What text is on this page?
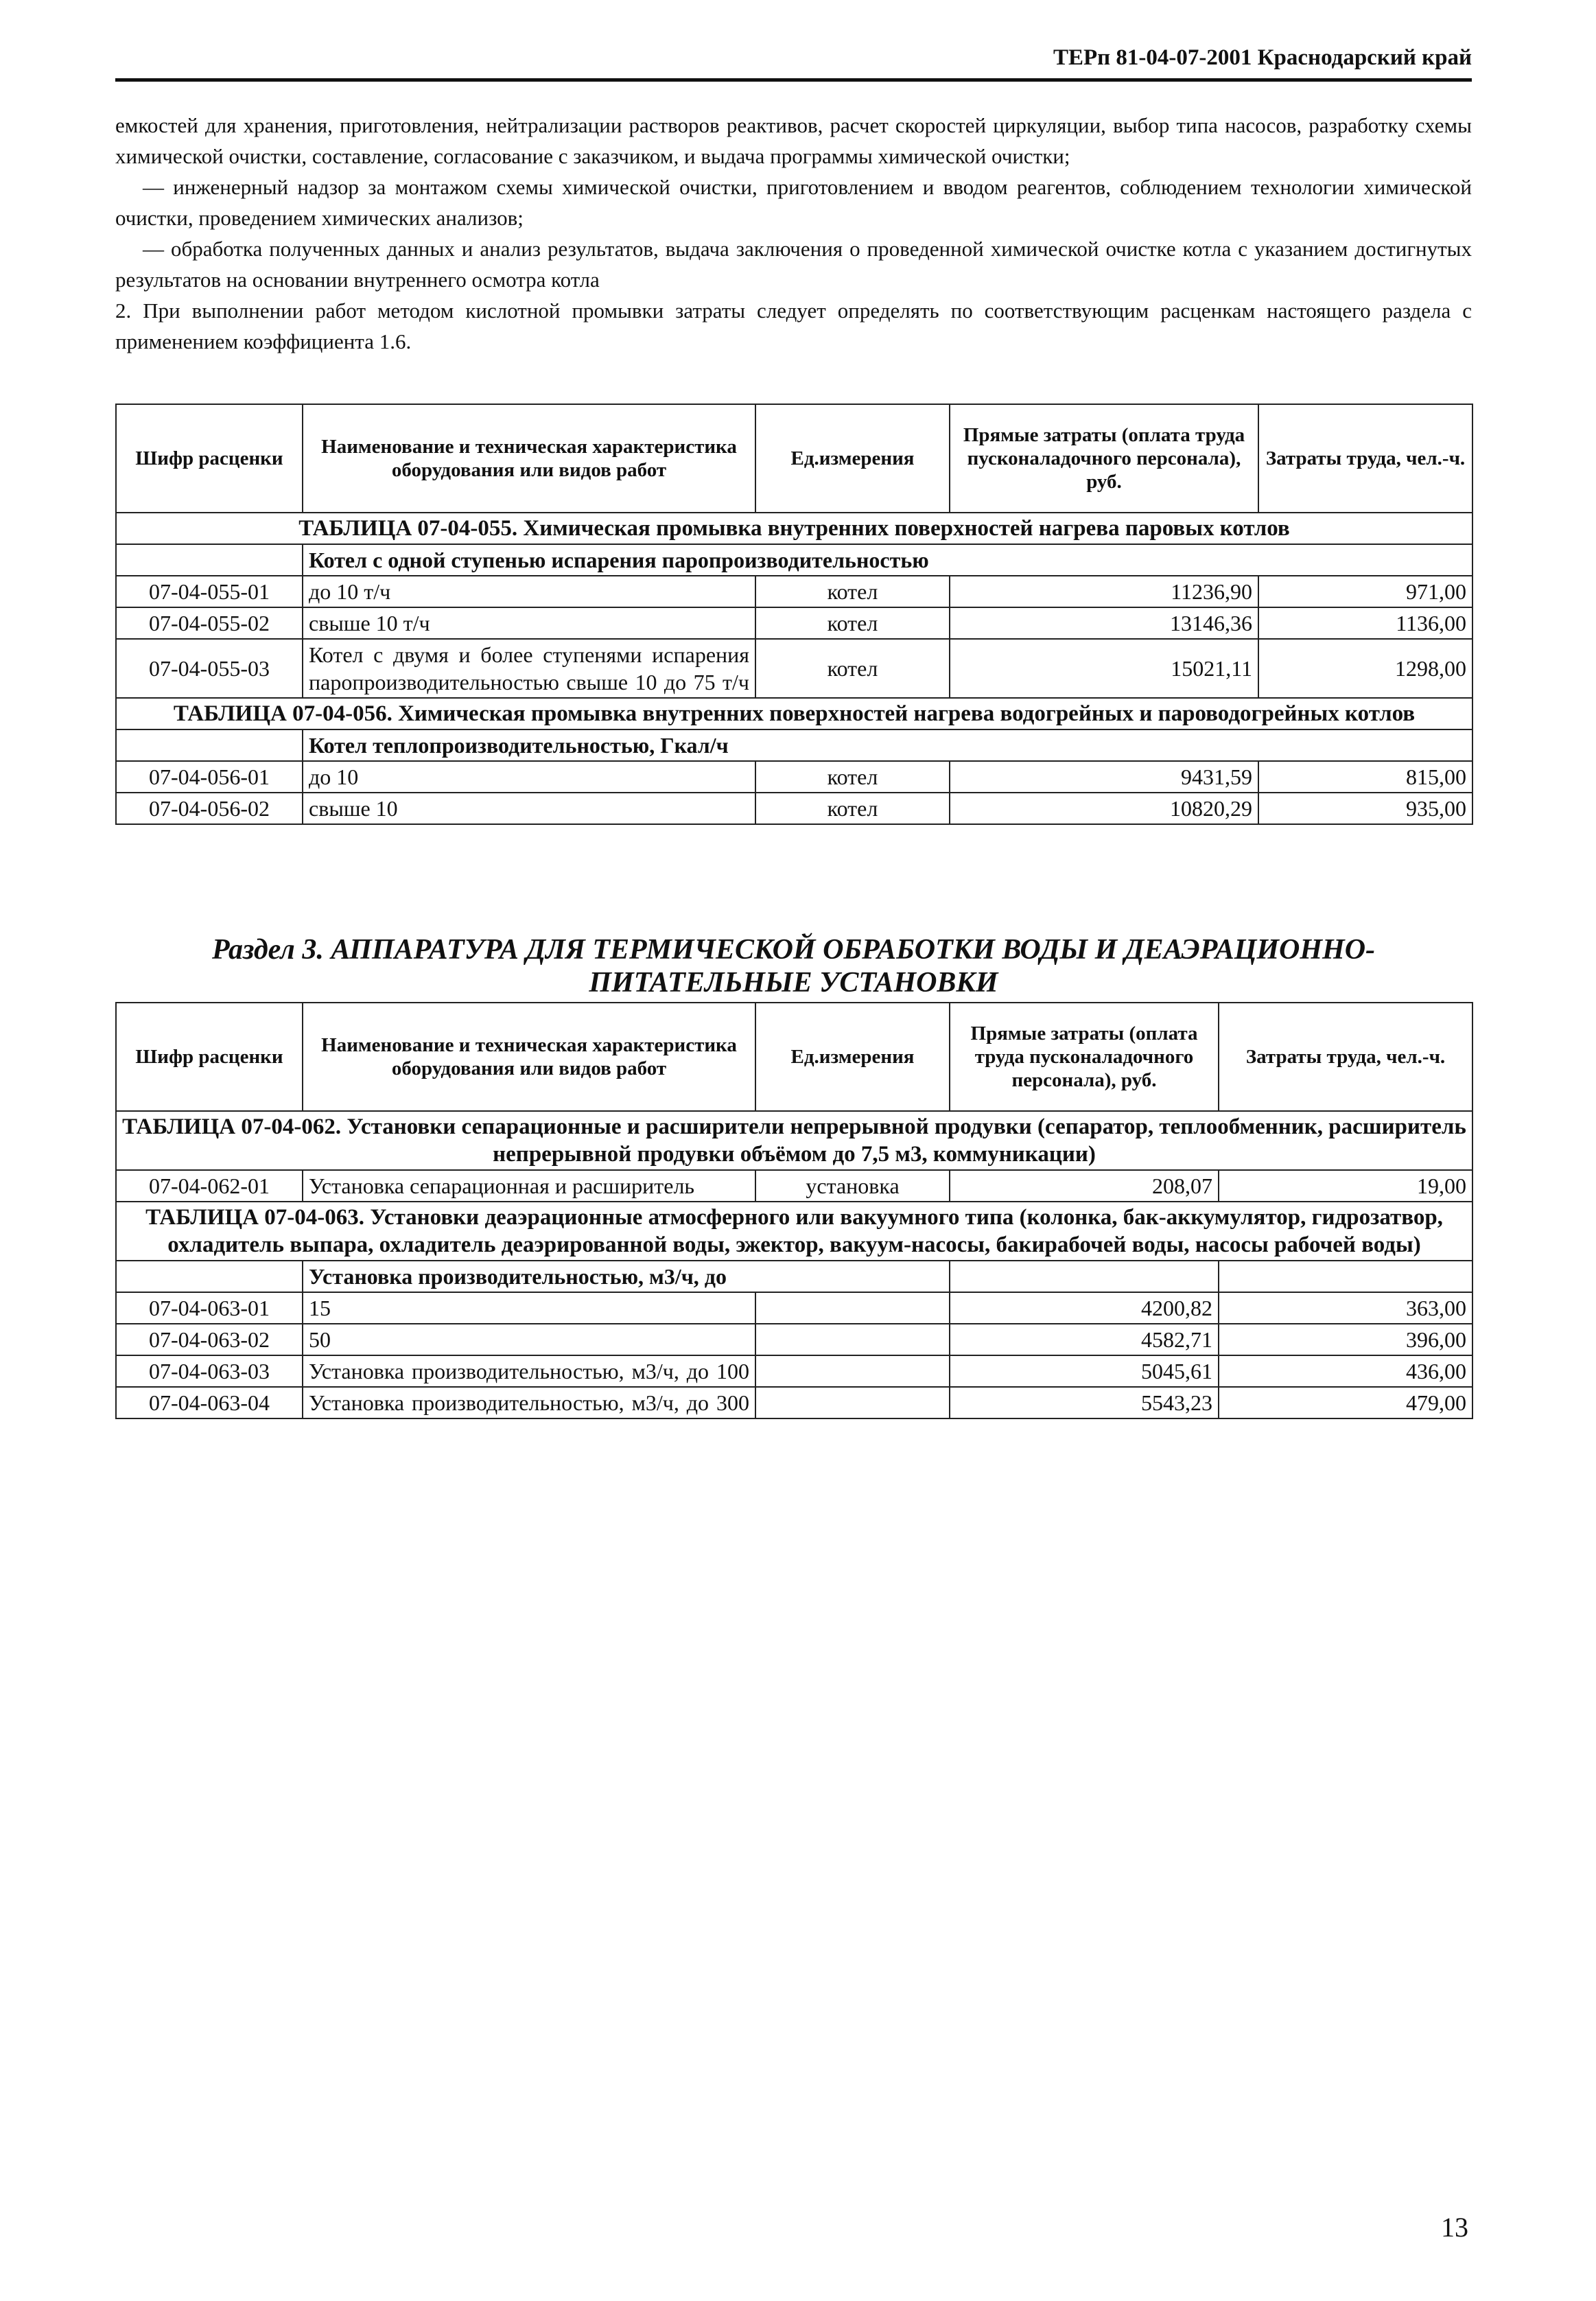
ТЕРп 81-04-07-2001 Краснодарский край

емкостей для хранения, приготовления, нейтрализации растворов реактивов, расчет скоростей циркуляции, выбор типа насосов, разработку схемы химической очистки, составление, согласование с заказчиком, и выдача программы химической очистки;

— инженерный надзор за монтажом схемы химической очистки, приготовлением и вводом реагентов, соблюдением технологии химической очистки, проведением химических анализов;

— обработка полученных данных и анализ результатов, выдача заключения о проведенной химической очистке котла с указанием достигнутых результатов на основании внутреннего осмотра котла

2. При выполнении работ методом кислотной промывки затраты следует определять по соответствующим расценкам настоящего раздела с применением коэффициента 1.6.

Шифр расценки	Наименование и техническая характеристика оборудования или видов работ	Ед.измерения	Прямые затраты (оплата труда пусконаладочного персонала), руб.	Затраты труда, чел.-ч.
ТАБЛИЦА 07-04-055. Химическая промывка внутренних поверхностей нагрева паровых котлов				
	Котел с одной ступенью испарения паропроизводительностью			
07-04-055-01	до 10 т/ч	котел	11236,90	971,00
07-04-055-02	свыше 10 т/ч	котел	13146,36	1136,00
07-04-055-03	Котел с двумя и более ступенями испарения паропроизводительностью свыше 10 до 75 т/ч	котел	15021,11	1298,00
ТАБЛИЦА 07-04-056. Химическая промывка внутренних поверхностей нагрева водогрейных и пароводогрейных котлов				
	Котел теплопроизводительностью, Гкал/ч			
07-04-056-01	до 10	котел	9431,59	815,00
07-04-056-02	свыше 10	котел	10820,29	935,00
Раздел 3. АППАРАТУРА ДЛЯ ТЕРМИЧЕСКОЙ ОБРАБОТКИ ВОДЫ И ДЕАЭРАЦИОННО-ПИТАТЕЛЬНЫЕ УСТАНОВКИ
Шифр расценки	Наименование и техническая характеристика оборудования или видов работ	Ед.измерения	Прямые затраты (оплата труда пусконаладочного персонала), руб.	Затраты труда, чел.-ч.
ТАБЛИЦА 07-04-062. Установки сепарационные и расширители непрерывной продувки (сепаратор, теплообменник, расширитель непрерывной продувки объёмом до 7,5 м3, коммуникации)				
07-04-062-01	Установка сепарационная и расширитель	установка	208,07	19,00
ТАБЛИЦА 07-04-063. Установки деаэрационные атмосферного или вакуумного типа (колонка, бак-аккумулятор, гидрозатвор, охладитель выпара, охладитель деаэрированной воды, эжектор, вакуум-насосы, бакирабочей воды, насосы рабочей воды)				
	Установка производительностью, м3/ч, до			
07-04-063-01	15		4200,82	363,00
07-04-063-02	50		4582,71	396,00
07-04-063-03	Установка производительностью, м3/ч, до 100		5045,61	436,00
07-04-063-04	Установка производительностью, м3/ч, до 300		5543,23	479,00
13
